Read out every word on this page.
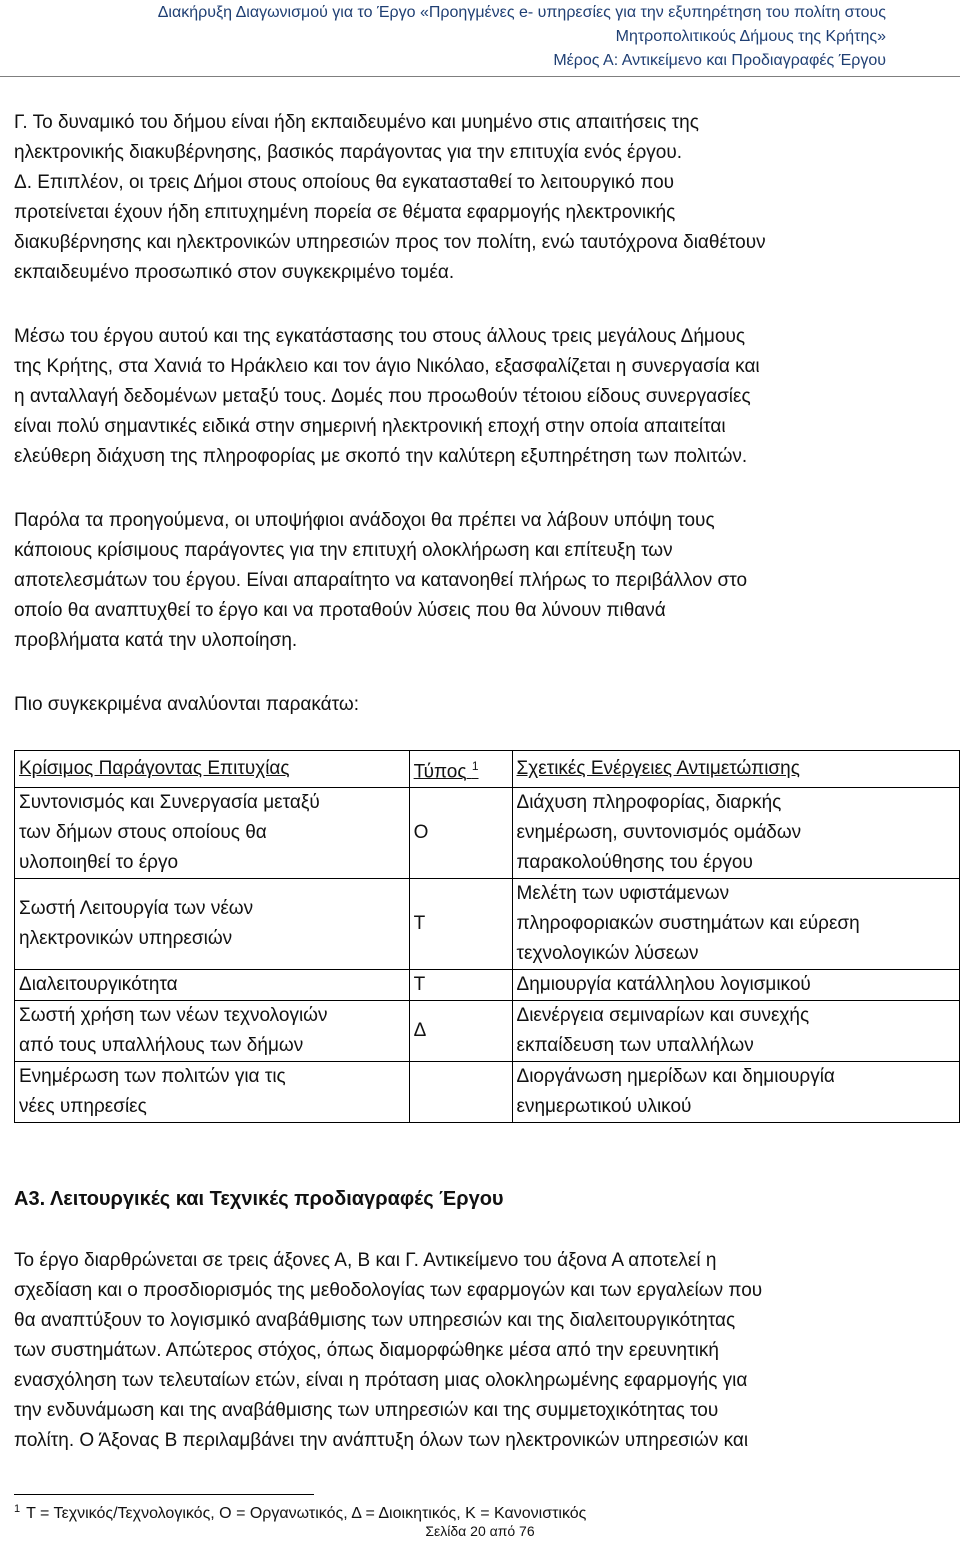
Διακήρυξη Διαγωνισμού για το Έργο «Προηγμένες e- υπηρεσίες για την εξυπηρέτηση του πολίτη στους
Μητροπολιτικούς Δήμους της Κρήτης»
Μέρος Α: Αντικείμενο και Προδιαγραφές Έργου
Γ. Το δυναμικό του δήμου είναι ήδη εκπαιδευμένο και μυημένο στις απαιτήσεις της
ηλεκτρονικής διακυβέρνησης, βασικός παράγοντας για την επιτυχία ενός έργου.
Δ. Επιπλέον, οι τρεις Δήμοι στους οποίους θα εγκατασταθεί το λειτουργικό που
προτείνεται έχουν ήδη επιτυχημένη πορεία σε θέματα εφαρμογής ηλεκτρονικής
διακυβέρνησης και ηλεκτρονικών υπηρεσιών προς τον πολίτη, ενώ ταυτόχρονα διαθέτουν
εκπαιδευμένο προσωπικό στον συγκεκριμένο τομέα.
Μέσω του έργου αυτού και της εγκατάστασης του στους άλλους τρεις μεγάλους Δήμους
της Κρήτης, στα Χανιά το Ηράκλειο και τον άγιο Νικόλαο, εξασφαλίζεται η συνεργασία και
η ανταλλαγή δεδομένων μεταξύ τους. Δομές που προωθούν τέτοιου είδους συνεργασίες
είναι πολύ σημαντικές ειδικά στην σημερινή ηλεκτρονική εποχή στην οποία απαιτείται
ελεύθερη διάχυση της πληροφορίας με σκοπό την καλύτερη εξυπηρέτηση των πολιτών.
Παρόλα τα προηγούμενα, οι υποψήφιοι ανάδοχοι θα πρέπει να λάβουν υπόψη τους
κάποιους κρίσιμους παράγοντες για την επιτυχή ολοκλήρωση και επίτευξη των
αποτελεσμάτων του έργου. Είναι απαραίτητο να κατανοηθεί πλήρως το περιβάλλον στο
οποίο θα αναπτυχθεί το έργο και να προταθούν λύσεις που θα λύνουν πιθανά
προβλήματα κατά την υλοποίηση.
Πιο συγκεκριμένα αναλύονται παρακάτω:
Κρίσιμος Παράγοντας Επιτυχίας	Τύπος $^1$	Σχετικές Ενέργειες Αντιμετώπισης

Συντονισμός και Συνεργασία μεταξύ
των δήμων στους οποίους θα
υλοποιηθεί το έργο	Ο	Διάχυση πληροφορίας, διαρκής
ενημέρωση, συντονισμός ομάδων
παρακολούθησης του έργου

Σωστή Λειτουργία των νέων
ηλεκτρονικών υπηρεσιών	Τ	Μελέτη των υφιστάμενων
πληροφοριακών συστημάτων και εύρεση
τεχνολογικών λύσεων

Διαλειτουργικότητα	Τ	Δημιουργία κατάλληλου λογισμικού

Σωστή χρήση των νέων τεχνολογιών
από τους υπαλλήλους των δήμων	Δ	Διενέργεια σεμιναρίων και συνεχής
εκπαίδευση των υπαλλήλων

Ενημέρωση των πολιτών για τις
νέες υπηρεσίες		Διοργάνωση ημερίδων και δημιουργία
ενημερωτικού υλικού
Α3. Λειτουργικές και Τεχνικές προδιαγραφές Έργου
Το έργο διαρθρώνεται σε τρεις άξονες Α, Β και Γ. Αντικείμενο του άξονα Α αποτελεί η
σχεδίαση και ο προσδιορισμός της μεθοδολογίας των εφαρμογών και των εργαλείων που
θα αναπτύξουν το λογισμικό αναβάθμισης των υπηρεσιών και της διαλειτουργικότητας
των συστημάτων. Απώτερος στόχος, όπως διαμορφώθηκε μέσα από την ερευνητική
ενασχόληση των τελευταίων ετών, είναι η πρόταση μιας ολοκληρωμένης εφαρμογής για
την ενδυνάμωση και της αναβάθμισης των υπηρεσιών και της συμμετοχικότητας του
πολίτη. Ο Άξονας Β περιλαμβάνει την ανάπτυξη όλων των ηλεκτρονικών υπηρεσιών και
$^1$ Τ = Τεχνικός/Τεχνολογικός, Ο = Οργανωτικός, Δ = Διοικητικός, Κ = Κανονιστικός
Σελίδα 20 από 76
